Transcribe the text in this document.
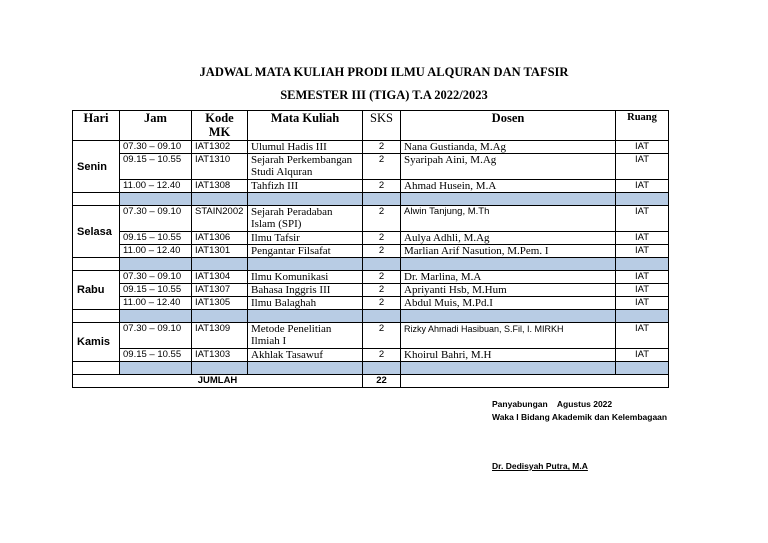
JADWAL MATA KULIAH PRODI ILMU ALQURAN DAN TAFSIR
SEMESTER III (TIGA) T.A 2022/2023
Hari	Jam	Kode MK	Mata Kuliah	SKS	Dosen	Ruang
Senin	07.30 – 09.10	IAT1302	Ulumul Hadis III	2	Nana Gustianda, M.Ag	IAT
	09.15 – 10.55	IAT1310	Sejarah Perkembangan Studi Alquran	2	Syaripah Aini, M.Ag	IAT
	11.00 – 12.40	IAT1308	Tahfizh III	2	Ahmad Husein, M.A	IAT

Selasa	07.30 – 09.10	STAIN2002	Sejarah Peradaban Islam (SPI)	2	Alwin Tanjung, M.Th	IAT
	09.15 – 10.55	IAT1306	Ilmu Tafsir	2	Aulya Adhli, M.Ag	IAT
	11.00 – 12.40	IAT1301	Pengantar Filsafat	2	Marlian Arif Nasution, M.Pem. I	IAT

Rabu	07.30 – 09.10	IAT1304	Ilmu Komunikasi	2	Dr. Marlina, M.A	IAT
	09.15 – 10.55	IAT1307	Bahasa Inggris III	2	Apriyanti Hsb, M.Hum	IAT
	11.00 – 12.40	IAT1305	Ilmu Balaghah	2	Abdul Muis, M.Pd.I	IAT

Kamis	07.30 – 09.10	IAT1309	Metode Penelitian Ilmiah I	2	Rizky Ahmadi Hasibuan, S.Fil, I. MIRKH	IAT
	09.15 – 10.55	IAT1303	Akhlak Tasawuf	2	Khoirul Bahri, M.H	IAT

JUMLAH				22		
Panyabungan    Agustus 2022
Waka I Bidang Akademik dan Kelembagaan
Dr. Dedisyah Putra, M.A
